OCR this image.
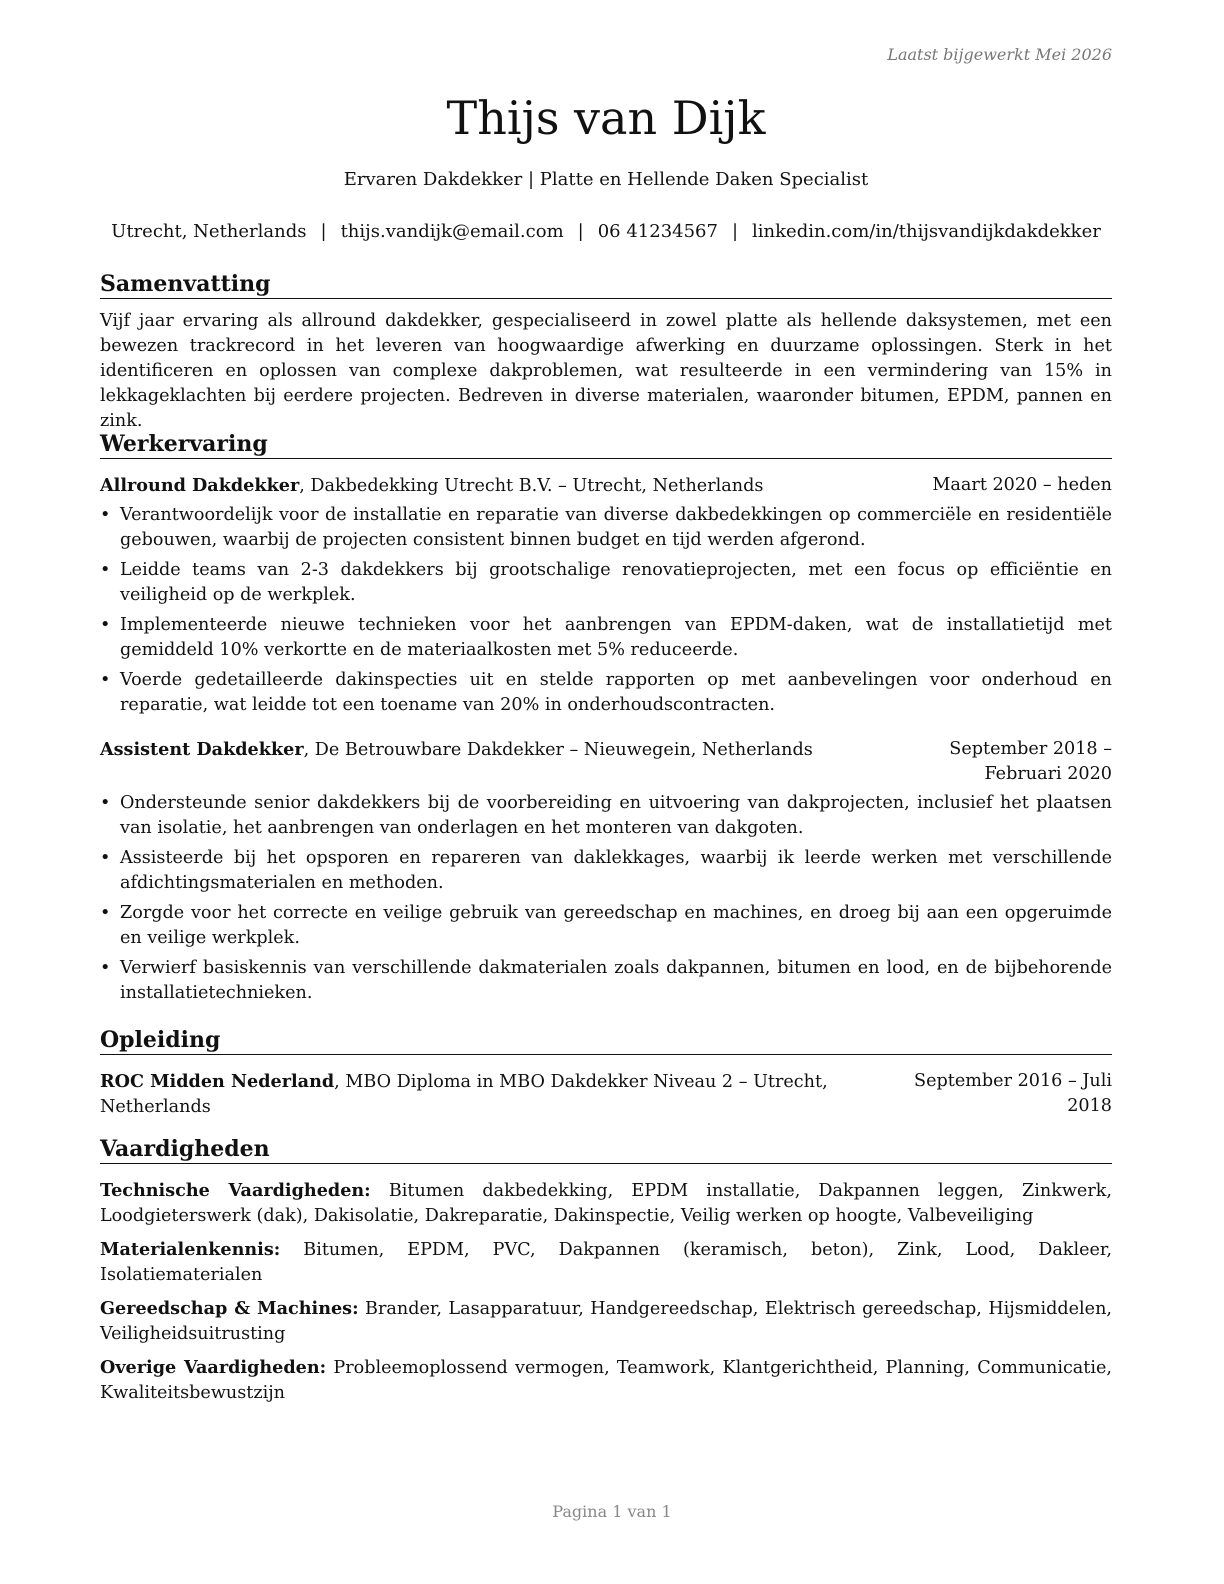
Laatst bijgewerkt Mei 2026
Thijs van Dijk
Ervaren Dakdekker | Platte en Hellende Daken Specialist
Utrecht, Netherlands | thijs.vandijk@email.com | 06 41234567 | linkedin.com/in/thijsvandijkdakdekker
Samenvatting

Vijf jaar ervaring als allround dakdekker, gespecialiseerd in zowel platte als hellende daksystemen, met een bewezen trackrecord in het leveren van hoogwaardige afwerking en duurzame oplossingen. Sterk in het identificeren en oplossen van complexe dakproblemen, wat resulteerde in een vermindering van 15% in lekkageklachten bij eerdere projecten. Bedreven in diverse materialen, waaronder bitumen, EPDM, pannen en zink.

Werkervaring
Allround Dakdekker, Dakbedekking Utrecht B.V. – Utrecht, Netherlands	Maart 2020 – heden
• Verantwoordelijk voor de installatie en reparatie van diverse dakbedekkingen op commerciële en residentiële gebouwen, waarbij de projecten consistent binnen budget en tijd werden afgerond.
• Leidde teams van 2-3 dakdekkers bij grootschalige renovatieprojecten, met een focus op efficiëntie en veiligheid op de werkplek.
• Implementeerde nieuwe technieken voor het aanbrengen van EPDM-daken, wat de installatietijd met gemiddeld 10% verkortte en de materiaalkosten met 5% reduceerde.
• Voerde gedetailleerde dakinspecties uit en stelde rapporten op met aanbevelingen voor onderhoud en reparatie, wat leidde tot een toename van 20% in onderhoudscontracten.
Assistent Dakdekker, De Betrouwbare Dakdekker – Nieuwegein, Netherlands	September 2018 – Februari 2020
• Ondersteunde senior dakdekkers bij de voorbereiding en uitvoering van dakprojecten, inclusief het plaatsen van isolatie, het aanbrengen van onderlagen en het monteren van dakgoten.
• Assisteerde bij het opsporen en repareren van daklekkages, waarbij ik leerde werken met verschillende afdichtingsmaterialen en methoden.
• Zorgde voor het correcte en veilige gebruik van gereedschap en machines, en droeg bij aan een opgeruimde en veilige werkplek.
• Verwierf basiskennis van verschillende dakmaterialen zoals dakpannen, bitumen en lood, en de bijbehorende installatietechnieken.
Opleiding
ROC Midden Nederland, MBO Diploma in MBO Dakdekker Niveau 2 – Utrecht, Netherlands
September 2016 – Juli 2018
Vaardigheden

Technische Vaardigheden: Bitumen dakbedekking, EPDM installatie, Dakpannen leggen, Zinkwerk, Loodgieterswerk (dak), Dakisolatie, Dakreparatie, Dakinspectie, Veilig werken op hoogte, Valbeveiliging

Materialenkennis: Bitumen, EPDM, PVC, Dakpannen (keramisch, beton), Zink, Lood, Dakleer, Isolatiematerialen

Gereedschap & Machines: Brander, Lasapparatuur, Handgereedschap, Elektrisch gereedschap, Hijsmiddelen, Veiligheidsuitrusting

Overige Vaardigheden: Probleemoplossend vermogen, Teamwork, Klantgerichtheid, Planning, Communicatie, Kwaliteitsbewustzijn

Pagina 1 van 1
